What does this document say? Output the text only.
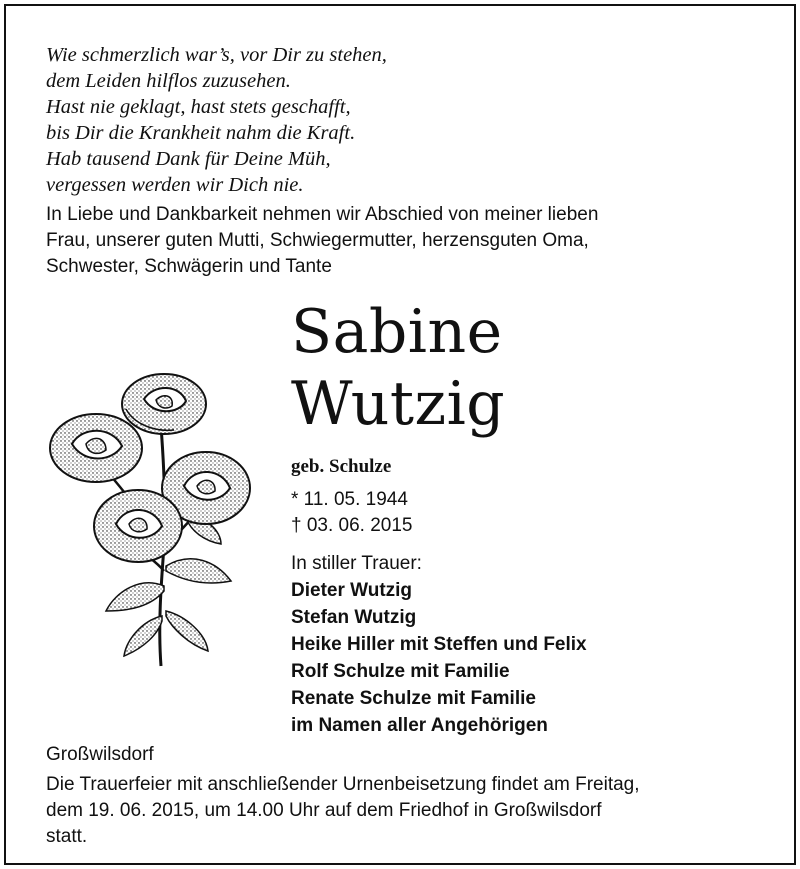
Wie schmerzlich war’s, vor Dir zu stehen,
dem Leiden hilflos zuzusehen.
Hast nie geklagt, hast stets geschafft,
bis Dir die Krankheit nahm die Kraft.
Hab tausend Dank für Deine Müh,
vergessen werden wir Dich nie.
In Liebe und Dankbarkeit nehmen wir Abschied von meiner lieben
Frau, unserer guten Mutti, Schwiegermutter, herzensguten Oma,
Schwester, Schwägerin und Tante
Sabine
Wutzig
geb. Schulze
* 11. 05. 1944
† 03. 06. 2015
In stiller Trauer:
Dieter Wutzig
Stefan Wutzig
Heike Hiller mit Steffen und Felix
Rolf Schulze mit Familie
Renate Schulze mit Familie
im Namen aller Angehörigen
Großwilsdorf
Die Trauerfeier mit anschließender Urnenbeisetzung findet am Freitag,
dem 19. 06. 2015, um 14.00 Uhr auf dem Friedhof in Großwilsdorf
statt.
